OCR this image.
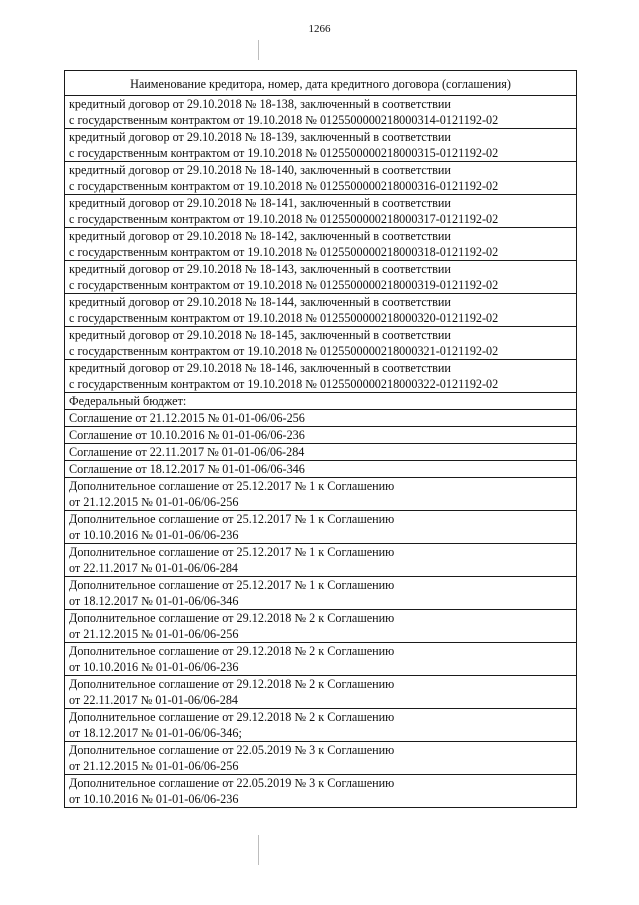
1266
Наименование кредитора, номер, дата кредитного договора (соглашения)

кредитный договор от 29.10.2018 № 18-138, заключенный в соответствии
с государственным контрактом от 19.10.2018 № 0125500000218000314-0121192-02

кредитный договор от 29.10.2018 № 18-139, заключенный в соответствии
с государственным контрактом от 19.10.2018 № 0125500000218000315-0121192-02

кредитный договор от 29.10.2018 № 18-140, заключенный в соответствии
с государственным контрактом от 19.10.2018 № 0125500000218000316-0121192-02

кредитный договор от 29.10.2018 № 18-141, заключенный в соответствии
с государственным контрактом от 19.10.2018 № 0125500000218000317-0121192-02

кредитный договор от 29.10.2018 № 18-142, заключенный в соответствии
с государственным контрактом от 19.10.2018 № 0125500000218000318-0121192-02

кредитный договор от 29.10.2018 № 18-143, заключенный в соответствии
с государственным контрактом от 19.10.2018 № 0125500000218000319-0121192-02

кредитный договор от 29.10.2018 № 18-144, заключенный в соответствии
с государственным контрактом от 19.10.2018 № 0125500000218000320-0121192-02

кредитный договор от 29.10.2018 № 18-145, заключенный в соответствии
с государственным контрактом от 19.10.2018 № 0125500000218000321-0121192-02

кредитный договор от 29.10.2018 № 18-146, заключенный в соответствии
с государственным контрактом от 19.10.2018 № 0125500000218000322-0121192-02

Федеральный бюджет:

Соглашение от 21.12.2015 № 01-01-06/06-256

Соглашение от 10.10.2016 № 01-01-06/06-236

Соглашение от 22.11.2017 № 01-01-06/06-284

Соглашение от 18.12.2017 № 01-01-06/06-346

Дополнительное соглашение от 25.12.2017 № 1 к Соглашению
от 21.12.2015 № 01-01-06/06-256

Дополнительное соглашение от 25.12.2017 № 1 к Соглашению
от 10.10.2016 № 01-01-06/06-236

Дополнительное соглашение от 25.12.2017 № 1 к Соглашению
от 22.11.2017 № 01-01-06/06-284

Дополнительное соглашение от 25.12.2017 № 1 к Соглашению
от 18.12.2017 № 01-01-06/06-346

Дополнительное соглашение от 29.12.2018 № 2 к Соглашению
от 21.12.2015 № 01-01-06/06-256

Дополнительное соглашение от 29.12.2018 № 2 к Соглашению
от 10.10.2016 № 01-01-06/06-236

Дополнительное соглашение от 29.12.2018 № 2 к Соглашению
от 22.11.2017 № 01-01-06/06-284

Дополнительное соглашение от 29.12.2018 № 2 к Соглашению
от 18.12.2017 № 01-01-06/06-346;

Дополнительное соглашение от 22.05.2019 № 3 к Соглашению
от 21.12.2015 № 01-01-06/06-256

Дополнительное соглашение от 22.05.2019 № 3 к Соглашению
от 10.10.2016 № 01-01-06/06-236
